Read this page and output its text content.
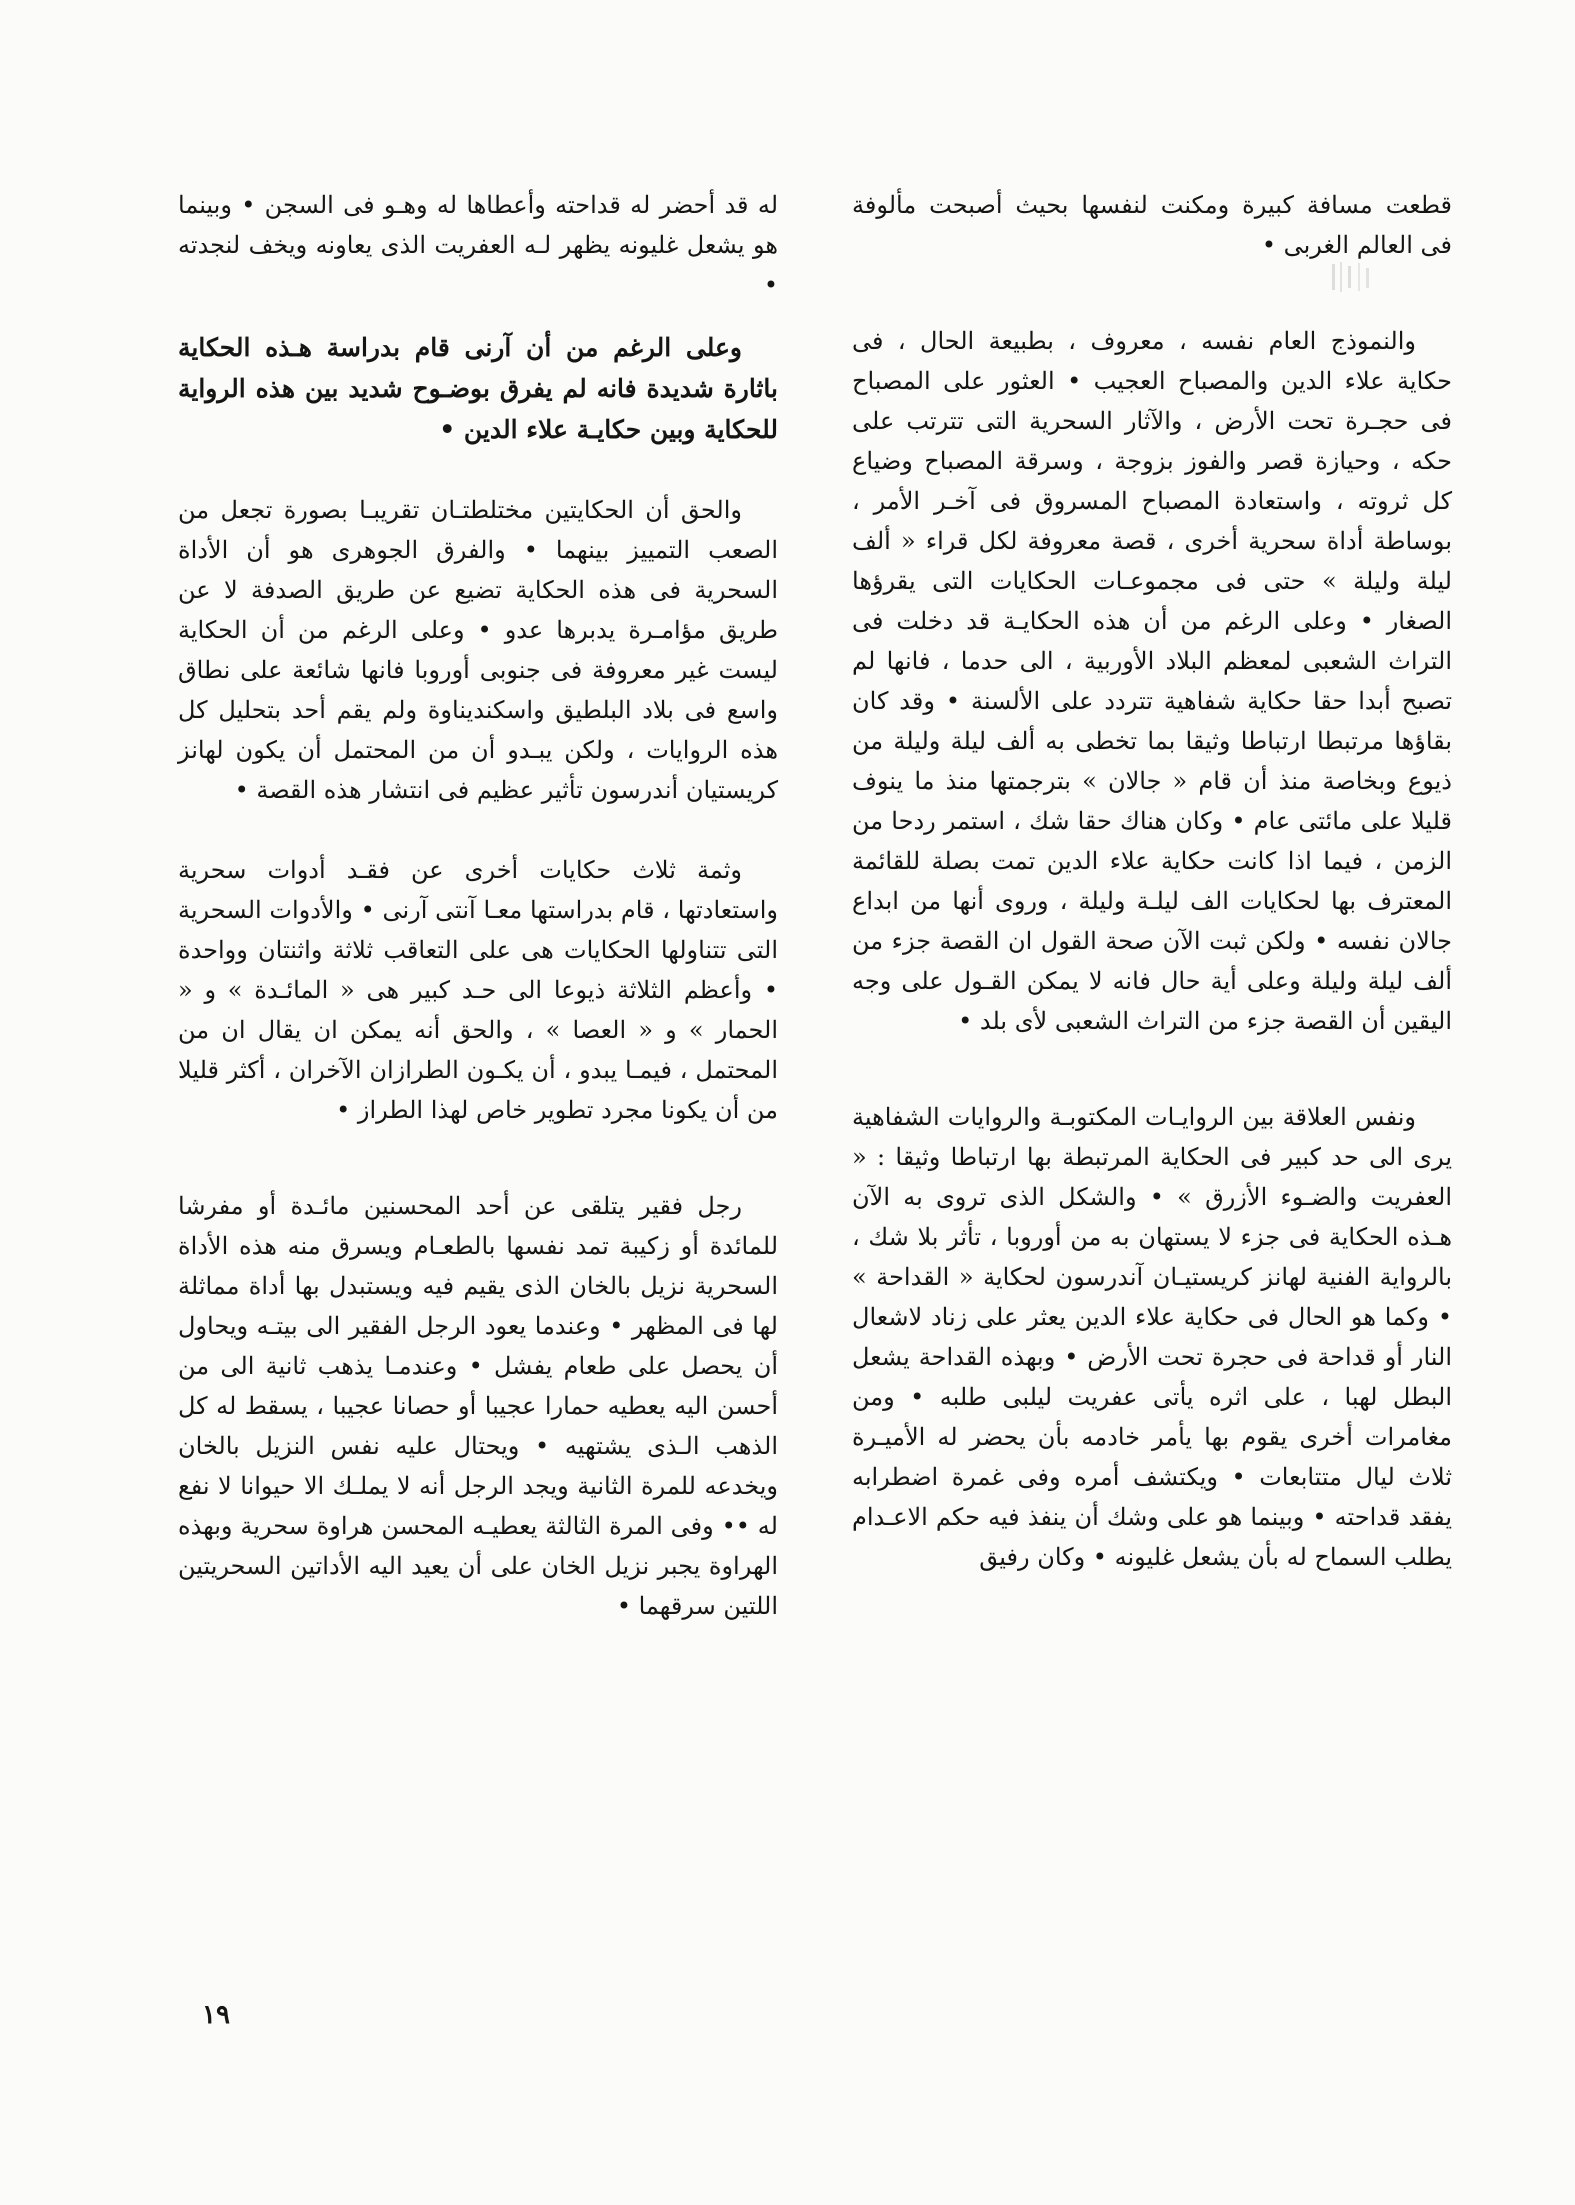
قطعت مسافة كبيرة ومكنت لنفسها بحيث أصبحت مألوفة فى العالم الغربى •

والنموذج العام نفسه ، معروف ، بطبيعة الحال ، فى حكاية علاء الدين والمصباح العجيب • العثور على المصباح فى حجـرة تحت الأرض ، والآثار السحرية التى تترتب على حكه ، وحيازة قصر والفوز بزوجة ، وسرقة المصباح وضياع كل ثروته ، واستعادة المصباح المسروق فى آخـر الأمر ، بوساطة أداة سحرية أخرى ، قصة معروفة لكل قراء « ألف ليلة وليلة » حتى فى مجموعـات الحكايات التى يقرؤها الصغار • وعلى الرغم من أن هذه الحكايـة قد دخلت فى التراث الشعبى لمعظم البلاد الأوربية ، الى حدما ، فانها لم تصبح أبدا حقا حكاية شفاهية تتردد على الألسنة • وقد كان بقاؤها مرتبطا ارتباطا وثيقا بما تخطى به ألف ليلة وليلة من ذيوع وبخاصة منذ أن قام « جالان » بترجمتها منذ ما ينوف قليلا على مائتى عام • وكان هناك حقا شك ، استمر ردحا من الزمن ، فيما اذا كانت حكاية علاء الدين تمت بصلة للقائمة المعترف بها لحكايات الف ليلـة وليلة ، وروى أنها من ابداع جالان نفسه • ولكن ثبت الآن صحة القول ان القصة جزء من ألف ليلة وليلة وعلى أية حال فانه لا يمكن القـول على وجه اليقين أن القصة جزء من التراث الشعبى لأى بلد •

ونفس العلاقة بين الروايـات المكتوبـة والروايات الشفاهية يرى الى حد كبير فى الحكاية المرتبطة بها ارتباطا وثيقا : « العفريت والضـوء الأزرق » • والشكل الذى تروى به الآن هـذه الحكاية فى جزء لا يستهان به من أوروبا ، تأثر بلا شك ، بالرواية الفنية لهانز كريستيـان آندرسون لحكاية « القداحة » • وكما هو الحال فى حكاية علاء الدين يعثر على زناد لاشعال النار أو قداحة فى حجرة تحت الأرض • وبهذه القداحة يشعل البطل لهبا ، على اثره يأتى عفريت ليلبى طلبه • ومن مغامرات أخرى يقوم بها يأمر خادمه بأن يحضر له الأميـرة ثلاث ليال متتابعات • ويكتشف أمره وفى غمرة اضطرابه يفقد قداحته • وبينما هو على وشك أن ينفذ فيه حكم الاعـدام يطلب السماح له بأن يشعل غليونه • وكان رفيق

له قد أحضر له قداحته وأعطاها له وهـو فى السجن • وبينما هو يشعل غليونه يظهر لـه العفريت الذى يعاونه ويخف لنجدته •

وعلى الرغم من أن آرنى قام بدراسة هـذه الحكاية باثارة شديدة فانه لم يفرق بوضـوح شديد بين هذه الرواية للحكاية وبين حكايـة علاء الدين •

والحق أن الحكايتين مختلطتـان تقريبـا بصورة تجعل من الصعب التمييز بينهما • والفرق الجوهرى هو أن الأداة السحرية فى هذه الحكاية تضيع عن طريق الصدفة لا عن طريق مؤامـرة يدبرها عدو • وعلى الرغم من أن الحكاية ليست غير معروفة فى جنوبى أوروبا فانها شائعة على نطاق واسع فى بلاد البلطيق واسكنديناوة ولم يقم أحد بتحليل كل هذه الروايات ، ولكن يبـدو أن من المحتمل أن يكون لهانز كريستيان أندرسون تأثير عظيم فى انتشار هذه القصة •

وثمة ثلاث حكايات أخرى عن فقـد أدوات سحرية واستعادتها ، قام بدراستها معـا آنتى آرنى • والأدوات السحرية التى تتناولها الحكايات هى على التعاقب ثلاثة واثنتان وواحدة • وأعظم الثلاثة ذيوعا الى حـد كبير هى « المائـدة » و « الحمار » و « العصا » ، والحق أنه يمكن ان يقال ان من المحتمل ، فيمـا يبدو ، أن يكـون الطرازان الآخران ، أكثر قليلا من أن يكونا مجرد تطوير خاص لهذا الطراز •

رجل فقير يتلقى عن أحد المحسنين مائـدة أو مفرشا للمائدة أو زكيبة تمد نفسها بالطعـام ويسرق منه هذه الأداة السحرية نزيل بالخان الذى يقيم فيه ويستبدل بها أداة مماثلة لها فى المظهر • وعندما يعود الرجل الفقير الى بيتـه ويحاول أن يحصل على طعام يفشل • وعندمـا يذهب ثانية الى من أحسن اليه يعطيه حمارا عجيبا أو حصانا عجيبا ، يسقط له كل الذهب الـذى يشتهيه • ويحتال عليه نفس النزيل بالخان ويخدعه للمرة الثانية ويجد الرجل أنه لا يملـك الا حيوانا لا نفع له •• وفى المرة الثالثة يعطيـه المحسن هراوة سحرية وبهذه الهراوة يجبر نزيل الخان على أن يعيد اليه الأداتين السحريتين اللتين سرقهما •

١٩
